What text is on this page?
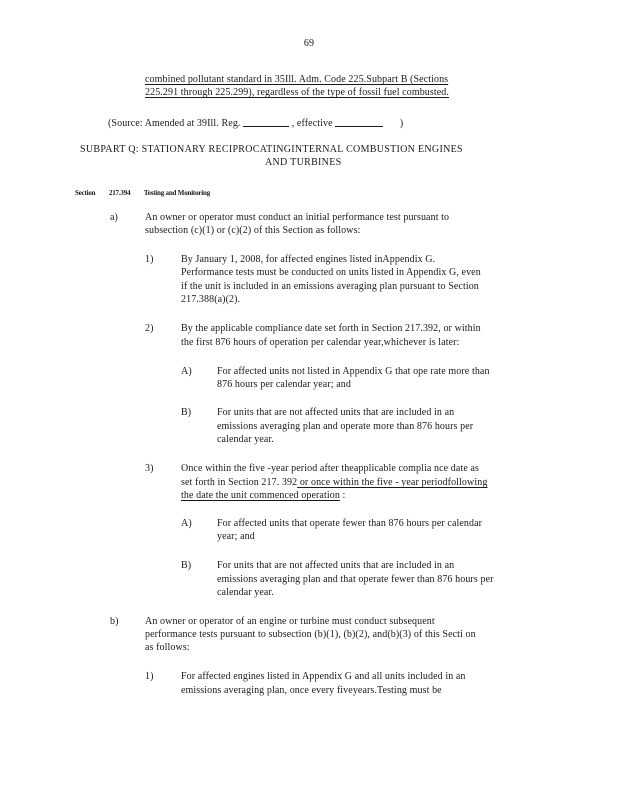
69
combined pollutant standard in 35Ill. Adm. Code 225.Subpart B (Sections
225.291 through 225.299), regardless of the type of fossil fuel combusted.
(Source: Amended at 39Ill. Reg.	, effective	)
SUBPART Q: STATIONARY RECIPROCATINGINTERNAL COMBUSTION ENGINES
AND TURBINES
Section 217.394 Testing and Monitoring
a)	An owner or operator must conduct an initial performance test pursuant to
subsection (c)(1) or (c)(2) of this Section as follows:
1)	By January 1, 2008, for affected engines listed inAppendix G.
Performance tests must be conducted on units listed in Appendix G, even
if the unit is included in an emissions averaging plan pursuant to Section
217.388(a)(2).
2)	By the applicable compliance date set forth in Section 217.392, or within
the first 876 hours of operation per calendar year,whichever is later:
A)	For affected units not listed in Appendix G that ope rate more than
876 hours per calendar year; and
B)	For units that are not affected units that are included in an
emissions averaging plan and operate more than 876 hours per
calendar year.
3)	Once within the five -year period after theapplicable complia nce date as
set forth in Section 217. 392 or once within the five - year periodfollowing
the date the unit commenced operation :
A)	For affected units that operate fewer than 876 hours per calendar
year; and
B)	For units that are not affected units that are included in an
emissions averaging plan and that operate fewer than 876 hours per
calendar year.
b)	An owner or operator of an engine or turbine must conduct subsequent
performance tests pursuant to subsection (b)(1), (b)(2), and(b)(3) of this Secti on
as follows:
1)	For affected engines listed in Appendix G and all units included in an
emissions averaging plan, once every fiveyears.Testing must be
